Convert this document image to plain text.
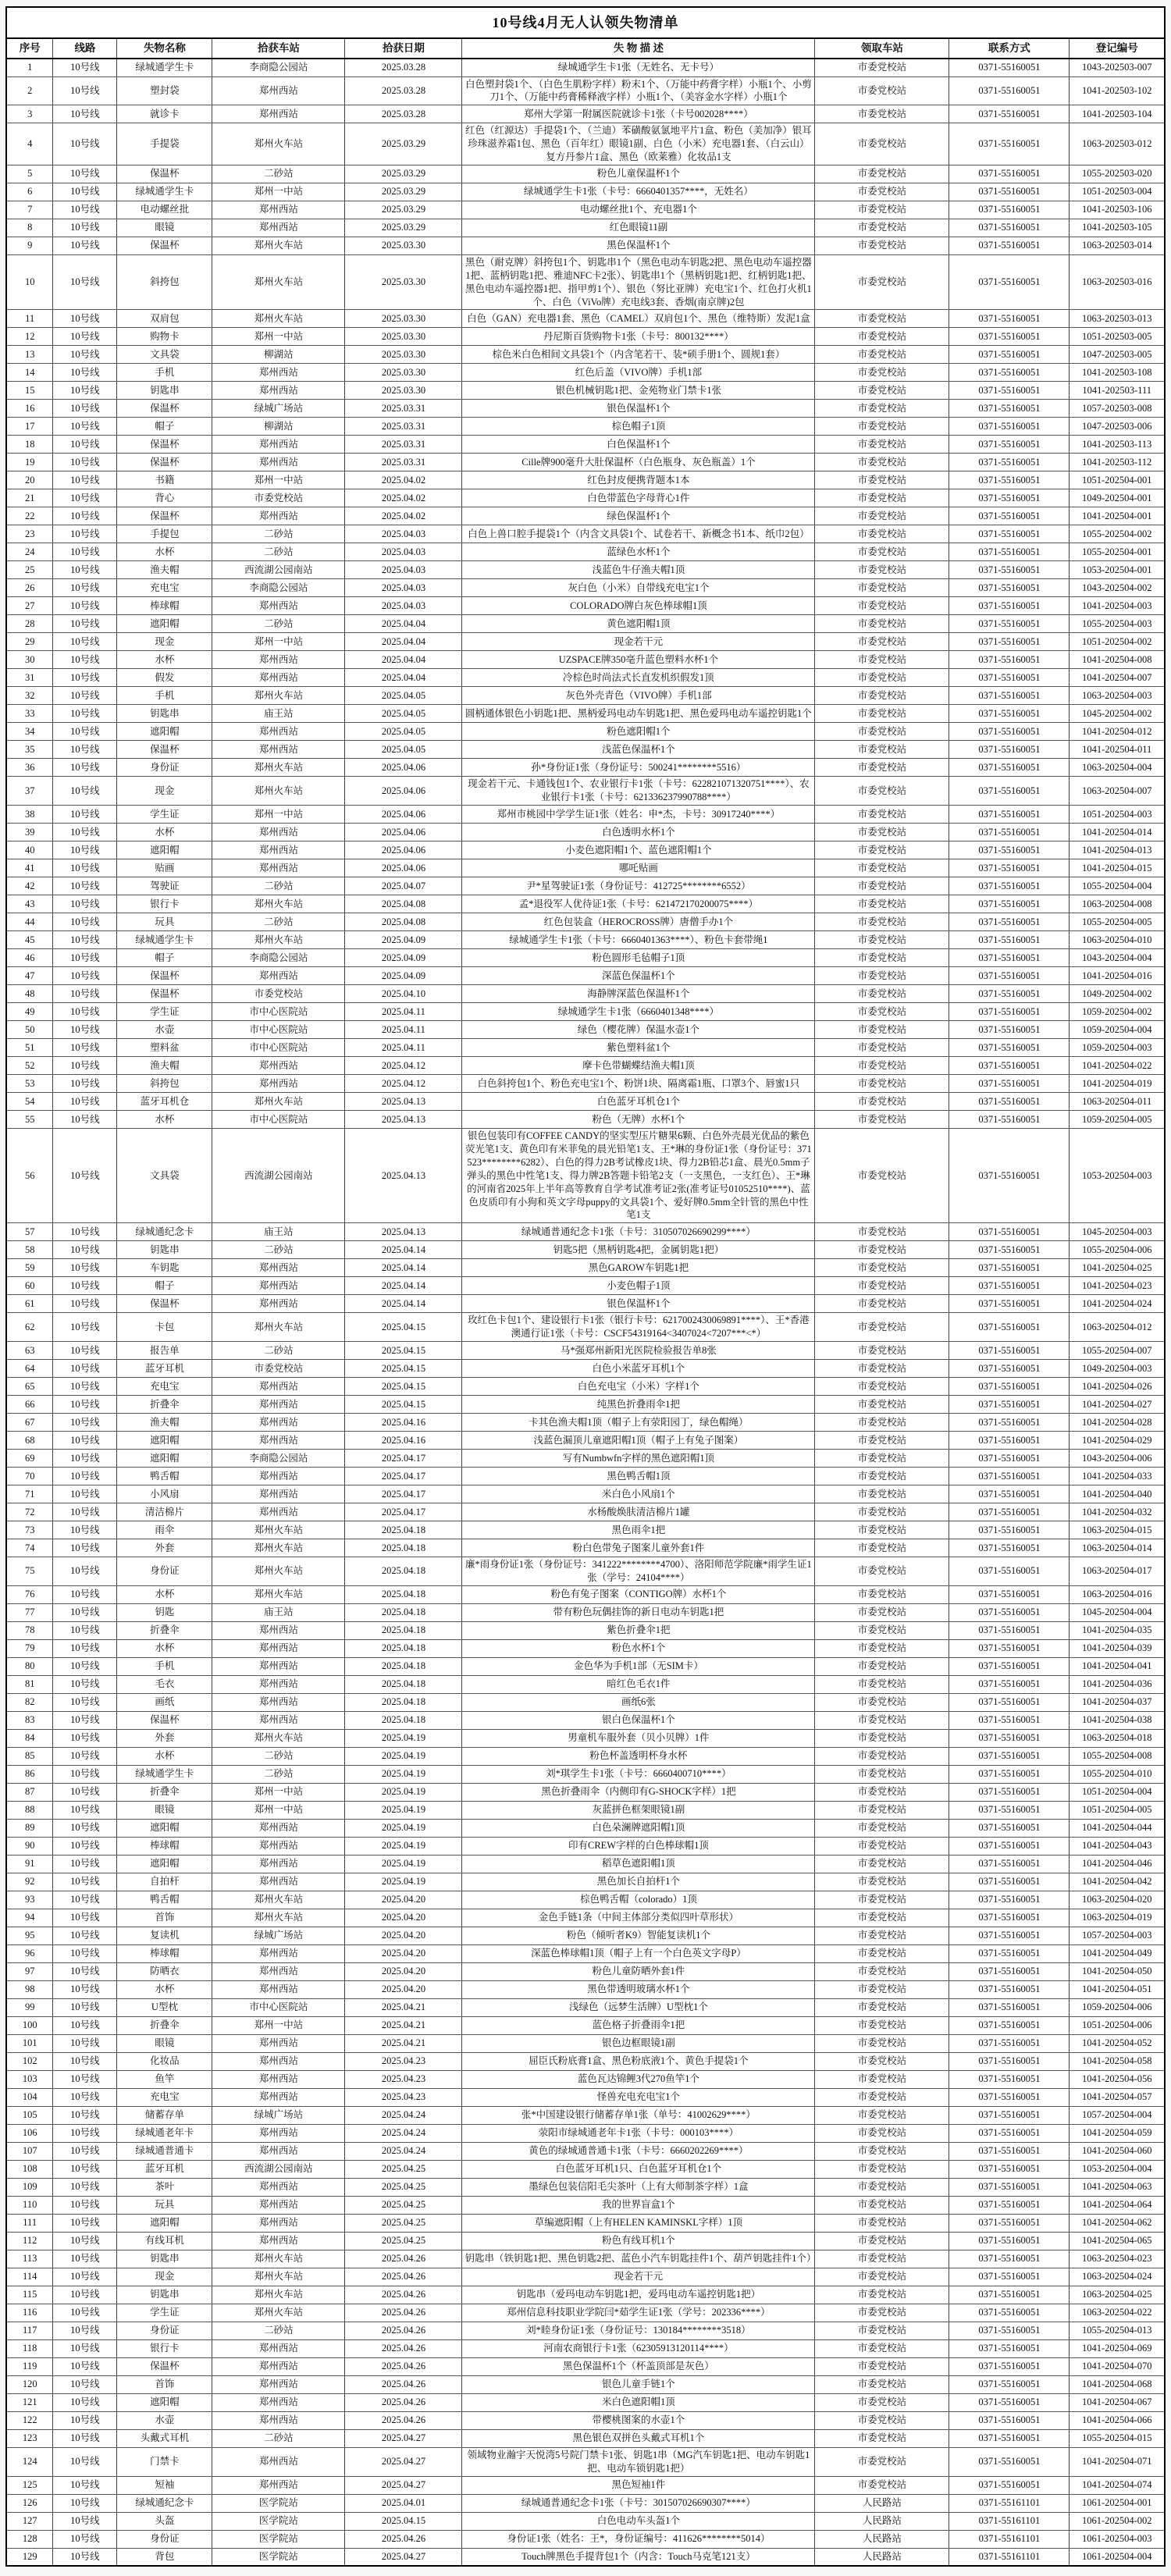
10号线4月无人认领失物清单								
序号	线路	失物名称	拾获车站	拾获日期	失 物 描 述	领取车站	联系方式	登记编号
1	10号线	绿城通学生卡	李商隐公园站	2025.03.28	绿城通学生卡1张（无姓名、无卡号）	市委党校站	0371-55160051	1043-202503-007
2	10号线	塑封袋	郑州西站	2025.03.28	白色塑封袋1个、（白色生肌粉字样）粉末1个、（万能中药膏字样）小瓶1个、小剪刀1个、（万能中药膏稀释液字样）小瓶1个、（美容金水字样）小瓶1个	市委党校站	0371-55160051	1041-202503-102
3	10号线	就诊卡	郑州西站	2025.03.28	郑州大学第一附属医院就诊卡1张（卡号002028****）	市委党校站	0371-55160051	1041-202503-104
4	10号线	手提袋	郑州火车站	2025.03.29	红色（红源达）手提袋1个、（兰迪）苯磺酸氨氯地平片1盒、粉色（美加净）银耳珍珠滋养霜1包、黑色（百年红）眼镜1副、白色（小米）充电器1套、（白云山）复方丹参片1盒、黑色（欧莱雅）化妆品1支	市委党校站	0371-55160051	1063-202503-012
5	10号线	保温杯	二砂站	2025.03.29	粉色儿童保温杯1个	市委党校站	0371-55160051	1055-202503-020
6	10号线	绿城通学生卡	郑州一中站	2025.03.29	绿城通学生卡1张（卡号：6660401357****，无姓名）	市委党校站	0371-55160051	1051-202503-004
7	10号线	电动螺丝批	郑州西站	2025.03.29	电动螺丝批1个、充电器1个	市委党校站	0371-55160051	1041-202503-106
8	10号线	眼镜	郑州西站	2025.03.29	红色眼镜11副	市委党校站	0371-55160051	1041-202503-105
9	10号线	保温杯	郑州火车站	2025.03.30	黑色保温杯1个	市委党校站	0371-55160051	1063-202503-014
10	10号线	斜挎包	郑州火车站	2025.03.30	黑色（耐克牌）斜挎包1个、钥匙串1个（黑色电动车钥匙2把、黑色电动车遥控器1把、蓝柄钥匙1把、雅迪NFC卡2张）、钥匙串1个（黑柄钥匙1把、红柄钥匙1把、黑色电动车遥控器1把、指甲剪1个）、银色（努比亚牌）充电宝1个、红色打火机1个、白色（ViVo牌）充电线3套、香烟(南京牌)2包	市委党校站	0371-55160051	1063-202503-016
11	10号线	双肩包	郑州火车站	2025.03.30	白色（GAN）充电器1套、黑色（CAMEL）双肩包1个、黑色（维特斯）发泥1盒	市委党校站	0371-55160051	1063-202503-013
12	10号线	购物卡	郑州一中站	2025.03.30	丹尼斯百货购物卡1张（卡号：800132****）	市委党校站	0371-55160051	1051-202503-005
13	10号线	文具袋	柳湖站	2025.03.30	棕色米白色相间文具袋1个（内含笔若干、装*硕手册1个、圆规1套）	市委党校站	0371-55160051	1047-202503-005
14	10号线	手机	郑州西站	2025.03.30	红色后盖（VIVO牌）手机1部	市委党校站	0371-55160051	1041-202503-108
15	10号线	钥匙串	郑州西站	2025.03.30	银色机械钥匙1把、金苑物业门禁卡1张	市委党校站	0371-55160051	1041-202503-111
16	10号线	保温杯	绿城广场站	2025.03.31	银色保温杯1个	市委党校站	0371-55160051	1057-202503-008
17	10号线	帽子	柳湖站	2025.03.31	棕色帽子1顶	市委党校站	0371-55160051	1047-202503-006
18	10号线	保温杯	郑州西站	2025.03.31	白色保温杯1个	市委党校站	0371-55160051	1041-202503-113
19	10号线	保温杯	郑州西站	2025.03.31	Cille牌900毫升大肚保温杯（白色瓶身、灰色瓶盖）1个	市委党校站	0371-55160051	1041-202503-112
20	10号线	书籍	郑州一中站	2025.04.02	红色封皮便携背题本1本	市委党校站	0371-55160051	1051-202504-001
21	10号线	背心	市委党校站	2025.04.02	白色带蓝色字母背心1件	市委党校站	0371-55160051	1049-202504-001
22	10号线	保温杯	郑州西站	2025.04.02	绿色保温杯1个	市委党校站	0371-55160051	1041-202504-001
23	10号线	手提包	二砂站	2025.04.03	白色上兽口腔手提袋1个（内含文具袋1个、试卷若干、新概念书1本、纸巾2包）	市委党校站	0371-55160051	1055-202504-002
24	10号线	水杯	二砂站	2025.04.03	蓝绿色水杯1个	市委党校站	0371-55160051	1055-202504-001
25	10号线	渔夫帽	西流湖公园南站	2025.04.03	浅蓝色牛仔渔夫帽1顶	市委党校站	0371-55160051	1053-202504-001
26	10号线	充电宝	李商隐公园站	2025.04.03	灰白色（小米）自带线充电宝1个	市委党校站	0371-55160051	1043-202504-002
27	10号线	棒球帽	郑州西站	2025.04.03	COLORADO牌白灰色棒球帽1顶	市委党校站	0371-55160051	1041-202504-003
28	10号线	遮阳帽	二砂站	2025.04.04	黄色遮阳帽1顶	市委党校站	0371-55160051	1055-202504-003
29	10号线	现金	郑州一中站	2025.04.04	现金若干元	市委党校站	0371-55160051	1051-202504-002
30	10号线	水杯	郑州西站	2025.04.04	UZSPACE牌350亳升蓝色塑料水杯1个	市委党校站	0371-55160051	1041-202504-008
31	10号线	假发	郑州西站	2025.04.04	冷棕色时尚法式长直发机织假发1顶	市委党校站	0371-55160051	1041-202504-007
32	10号线	手机	郑州火车站	2025.04.05	灰色外壳青色（VIVO牌）手机1部	市委党校站	0371-55160051	1063-202504-003
33	10号线	钥匙串	庙王站	2025.04.05	圆柄通体银色小钥匙1把、黑柄爱玛电动车钥匙1把、黑色爱玛电动车遥控钥匙1个	市委党校站	0371-55160051	1045-202504-002
34	10号线	遮阳帽	郑州西站	2025.04.05	粉色遮阳帽1个	市委党校站	0371-55160051	1041-202504-012
35	10号线	保温杯	郑州西站	2025.04.05	浅蓝色保温杯1个	市委党校站	0371-55160051	1041-202504-011
36	10号线	身份证	郑州火车站	2025.04.06	孙*身份证1张（身份证号：500241********5516）	市委党校站	0371-55160051	1063-202504-004
37	10号线	现金	郑州火车站	2025.04.06	现金若干元、卡通钱包1个、农业银行卡1张（卡号：622821071320751****）、农业银行卡1张（卡号：621336237990788****）	市委党校站	0371-55160051	1063-202504-007
38	10号线	学生证	郑州一中站	2025.04.06	郑州市桃园中学学生证1张（姓名：申*杰，卡号：30917240****）	市委党校站	0371-55160051	1051-202504-003
39	10号线	水杯	郑州西站	2025.04.06	白色透明水杯1个	市委党校站	0371-55160051	1041-202504-014
40	10号线	遮阳帽	郑州西站	2025.04.06	小麦色遮阳帽1个、蓝色遮阳帽1个	市委党校站	0371-55160051	1041-202504-013
41	10号线	贴画	郑州西站	2025.04.06	哪吒贴画	市委党校站	0371-55160051	1041-202504-015
42	10号线	驾驶证	二砂站	2025.04.07	尹*星驾驶证1张（身份证号：412725********6552）	市委党校站	0371-55160051	1055-202504-004
43	10号线	银行卡	郑州火车站	2025.04.08	孟*退役军人优待证1张（卡号：621472170200075****）	市委党校站	0371-55160051	1063-202504-008
44	10号线	玩具	二砂站	2025.04.08	红色包装盒（HEROCROSS牌）唐僧手办1个	市委党校站	0371-55160051	1055-202504-005
45	10号线	绿城通学生卡	郑州火车站	2025.04.09	绿城通学生卡1张（卡号：6660401363****）、粉色卡套带绳1	市委党校站	0371-55160051	1063-202504-010
46	10号线	帽子	李商隐公园站	2025.04.09	粉色圆形毛毡帽子1顶	市委党校站	0371-55160051	1043-202504-004
47	10号线	保温杯	郑州西站	2025.04.09	深蓝色保温杯1个	市委党校站	0371-55160051	1041-202504-016
48	10号线	保温杯	市委党校站	2025.04.10	海静牌深蓝色保温杯1个	市委党校站	0371-55160051	1049-202504-002
49	10号线	学生证	市中心医院站	2025.04.11	绿城通学生卡1张（6660401348****）	市委党校站	0371-55160051	1059-202504-002
50	10号线	水壶	市中心医院站	2025.04.11	绿色（樱花牌）保温水壶1个	市委党校站	0371-55160051	1059-202504-004
51	10号线	塑料盆	市中心医院站	2025.04.11	紫色塑料盆1个	市委党校站	0371-55160051	1059-202504-003
52	10号线	渔夫帽	郑州西站	2025.04.12	摩卡色带蝴蝶结渔夫帽1顶	市委党校站	0371-55160051	1041-202504-022
53	10号线	斜挎包	郑州西站	2025.04.12	白色斜挎包1个、粉色充电宝1个、粉饼1块、隔离霜1瓶、口罩3个、唇蜜1只	市委党校站	0371-55160051	1041-202504-019
54	10号线	蓝牙耳机仓	郑州火车站	2025.04.13	白色蓝牙耳机仓1个	市委党校站	0371-55160051	1063-202504-011
55	10号线	水杯	市中心医院站	2025.04.13	粉色（无牌）水杯1个	市委党校站	0371-55160051	1059-202504-005
56	10号线	文具袋	西流湖公园南站	2025.04.13	银色包装印有COFFEE CANDY的坚实型压片糖果6颗、白色外壳晨光优品的紫色荧光笔1支、黄色印有米菲兔的晨光铅笔1支、王*琳的身份证1张（身份证号：371523********6282）、白色的得力2B考试橡皮1块、得力2B铅芯1盒、晨光0.5mm子弹头的黑色中性笔1支、得力牌2B答题卡铅笔2支（一支黑色，一支红色）、王*琳的河南省2025年上半年高等教育自学考试准考证2张(准考证号01052510****)、蓝色皮质印有小狗和英文字母puppy的文具袋1个、爱好牌0.5mm全针管的黑色中性笔1支	市委党校站	0371-55160051	1053-202504-003
57	10号线	绿城通纪念卡	庙王站	2025.04.13	绿城通普通纪念卡1张（卡号：310507026690299****）	市委党校站	0371-55160051	1045-202504-003
58	10号线	钥匙串	二砂站	2025.04.14	钥匙5把（黑柄钥匙4把，金属钥匙1把）	市委党校站	0371-55160051	1055-202504-006
59	10号线	车钥匙	郑州西站	2025.04.14	黑色GAROW车钥匙1把	市委党校站	0371-55160051	1041-202504-025
60	10号线	帽子	郑州西站	2025.04.14	小麦色帽子1顶	市委党校站	0371-55160051	1041-202504-023
61	10号线	保温杯	郑州西站	2025.04.14	银色保温杯1个	市委党校站	0371-55160051	1041-202504-024
62	10号线	卡包	郑州火车站	2025.04.15	玫红色卡包1个、建设银行卡1张（银行卡号：6217002430069891****）、王*香港澳通行证1张（卡号：CSCF54319164<3407024<7207***<*）	市委党校站	0371-55160051	1063-202504-012
63	10号线	报告单	二砂站	2025.04.15	马*强郑州新阳光医院检验报告单8张	市委党校站	0371-55160051	1055-202504-007
64	10号线	蓝牙耳机	市委党校站	2025.04.15	白色小米蓝牙耳机1个	市委党校站	0371-55160051	1049-202504-003
65	10号线	充电宝	郑州西站	2025.04.15	白色充电宝（小米）字样1个	市委党校站	0371-55160051	1041-202504-026
66	10号线	折叠伞	郑州西站	2025.04.15	纯黑色折叠雨伞1把	市委党校站	0371-55160051	1041-202504-027
67	10号线	渔夫帽	郑州西站	2025.04.16	卡其色渔夫帽1顶（帽子上有荥阳园丁，绿色帽绳）	市委党校站	0371-55160051	1041-202504-028
68	10号线	遮阳帽	郑州西站	2025.04.16	浅蓝色漏顶儿童遮阳帽1顶（帽子上有兔子图案）	市委党校站	0371-55160051	1041-202504-029
69	10号线	遮阳帽	李商隐公园站	2025.04.17	写有Numbwfn字样的黑色遮阳帽1顶	市委党校站	0371-55160051	1043-202504-006
70	10号线	鸭舌帽	郑州西站	2025.04.17	黑色鸭舌帽1顶	市委党校站	0371-55160051	1041-202504-033
71	10号线	小风扇	郑州西站	2025.04.17	米白色小风扇1个	市委党校站	0371-55160051	1041-202504-040
72	10号线	清洁棉片	郑州西站	2025.04.17	水杨酸焕肤清洁棉片1罐	市委党校站	0371-55160051	1041-202504-032
73	10号线	雨伞	郑州火车站	2025.04.18	黑色雨伞1把	市委党校站	0371-55160051	1063-202504-015
74	10号线	外套	郑州火车站	2025.04.18	粉白色带兔子图案儿童外套1件	市委党校站	0371-55160051	1063-202504-014
75	10号线	身份证	郑州火车站	2025.04.18	廉*雨身份证1张（身份证号：341222********4700）、洛阳师范学院廉*雨学生证1张（学号：24104****）	市委党校站	0371-55160051	1063-202504-017
76	10号线	水杯	郑州火车站	2025.04.18	粉色有兔子图案（CONTIGO牌）水杯1个	市委党校站	0371-55160051	1063-202504-016
77	10号线	钥匙	庙王站	2025.04.18	带有粉色玩偶挂饰的新日电动车钥匙1把	市委党校站	0371-55160051	1045-202504-004
78	10号线	折叠伞	郑州西站	2025.04.18	紫色折叠伞1把	市委党校站	0371-55160051	1041-202504-035
79	10号线	水杯	郑州西站	2025.04.18	粉色水杯1个	市委党校站	0371-55160051	1041-202504-039
80	10号线	手机	郑州西站	2025.04.18	金色华为手机1部（无SIM卡）	市委党校站	0371-55160051	1041-202504-041
81	10号线	毛衣	郑州西站	2025.04.18	暗红色毛衣1件	市委党校站	0371-55160051	1041-202504-036
82	10号线	画纸	郑州西站	2025.04.18	画纸6张	市委党校站	0371-55160051	1041-202504-037
83	10号线	保温杯	郑州西站	2025.04.18	银白色保温杯1个	市委党校站	0371-55160051	1041-202504-038
84	10号线	外套	郑州火车站	2025.04.19	男童机车服外套（贝小贝牌）1件	市委党校站	0371-55160051	1063-202504-018
85	10号线	水杯	二砂站	2025.04.19	粉色杯盖透明杯身水杯	市委党校站	0371-55160051	1055-202504-008
86	10号线	绿城通学生卡	二砂站	2025.04.19	刘*琪学生卡1张（卡号：6660400710****）	市委党校站	0371-55160051	1055-202504-010
87	10号线	折叠伞	郑州一中站	2025.04.19	黑色折叠雨伞（内侧印有G-SHOCK字样）1把	市委党校站	0371-55160051	1051-202504-004
88	10号线	眼镜	郑州一中站	2025.04.19	灰蓝拼色框架眼镜1副	市委党校站	0371-55160051	1051-202504-005
89	10号线	遮阳帽	郑州西站	2025.04.19	白色朵澜牌遮阳帽1顶	市委党校站	0371-55160051	1041-202504-044
90	10号线	棒球帽	郑州西站	2025.04.19	印有CREW字样的白色棒球帽1顶	市委党校站	0371-55160051	1041-202504-043
91	10号线	遮阳帽	郑州西站	2025.04.19	稻草色遮阳帽1顶	市委党校站	0371-55160051	1041-202504-046
92	10号线	自拍杆	郑州西站	2025.04.19	黑色加长自拍杆1个	市委党校站	0371-55160051	1041-202504-042
93	10号线	鸭舌帽	郑州火车站	2025.04.20	棕色鸭舌帽（colorado）1顶	市委党校站	0371-55160051	1063-202504-020
94	10号线	首饰	郑州火车站	2025.04.20	金色手链1条（中间主体部分类似四叶草形状）	市委党校站	0371-55160051	1063-202504-019
95	10号线	复读机	绿城广场站	2025.04.20	粉色（倾听者K9）智能复读机1个	市委党校站	0371-55160051	1057-202504-003
96	10号线	棒球帽	郑州西站	2025.04.20	深蓝色棒球帽1顶（帽子上有一个白色英文字母P）	市委党校站	0371-55160051	1041-202504-049
97	10号线	防晒衣	郑州西站	2025.04.20	粉色儿童防晒外套1件	市委党校站	0371-55160051	1041-202504-050
98	10号线	水杯	郑州西站	2025.04.20	黑色带透明玻璃水杯1个	市委党校站	0371-55160051	1041-202504-051
99	10号线	U型枕	市中心医院站	2025.04.21	浅绿色（远梦生活牌）U型枕1个	市委党校站	0371-55160051	1059-202504-006
100	10号线	折叠伞	郑州一中站	2025.04.21	蓝色格子折叠雨伞1把	市委党校站	0371-55160051	1051-202504-006
101	10号线	眼镜	郑州西站	2025.04.21	银色边框眼镜1副	市委党校站	0371-55160051	1041-202504-052
102	10号线	化妆品	郑州西站	2025.04.23	屈臣氏粉底膏1盒、黑色粉底液1个、黄色手提袋1个	市委党校站	0371-55160051	1041-202504-058
103	10号线	鱼竿	郑州西站	2025.04.23	蓝色瓦达锦鲤3代270鱼竿1个	市委党校站	0371-55160051	1041-202504-056
104	10号线	充电宝	郑州西站	2025.04.23	怪兽充电充电宝1个	市委党校站	0371-55160051	1041-202504-057
105	10号线	储蓄存单	绿城广场站	2025.04.24	张*中国建设银行储蓄存单1张（单号：41002629****）	市委党校站	0371-55160051	1057-202504-004
106	10号线	绿城通老年卡	郑州西站	2025.04.24	荥阳市绿城通老年卡1张（卡号：000103****）	市委党校站	0371-55160051	1041-202504-059
107	10号线	绿城通普通卡	郑州西站	2025.04.24	黄色的绿城通普通卡1张（卡号：6660202269****）	市委党校站	0371-55160051	1041-202504-060
108	10号线	蓝牙耳机	西流湖公园南站	2025.04.25	白色蓝牙耳机1只、白色蓝牙耳机仓1个	市委党校站	0371-55160051	1053-202504-004
109	10号线	茶叶	郑州西站	2025.04.25	墨绿色包装信阳毛尖茶叶（上有大师制茶字样）1盒	市委党校站	0371-55160051	1041-202504-063
110	10号线	玩具	郑州西站	2025.04.25	我的世界盲盒1个	市委党校站	0371-55160051	1041-202504-064
111	10号线	遮阳帽	郑州西站	2025.04.25	草编遮阳帽（上有HELEN KAMINSKL字样）1顶	市委党校站	0371-55160051	1041-202504-062
112	10号线	有线耳机	郑州西站	2025.04.25	粉色有线耳机1个	市委党校站	0371-55160051	1041-202504-065
113	10号线	钥匙串	郑州火车站	2025.04.26	钥匙串（铁钥匙1把、黑色钥匙2把、蓝色小汽车钥匙挂件1个、葫芦钥匙挂件1个）	市委党校站	0371-55160051	1063-202504-023
114	10号线	现金	郑州火车站	2025.04.26	现金若干元	市委党校站	0371-55160051	1063-202504-024
115	10号线	钥匙串	郑州火车站	2025.04.26	钥匙串（爱玛电动车钥匙1把，爱玛电动车遥控钥匙1把）	市委党校站	0371-55160051	1063-202504-025
116	10号线	学生证	郑州火车站	2025.04.26	郑州信息科技职业学院闫*茹学生证1张（学号：202336****）	市委党校站	0371-55160051	1063-202504-022
117	10号线	身份证	二砂站	2025.04.26	刘*睦身份证1张（身份证号：130184********3518）	市委党校站	0371-55160051	1055-202504-013
118	10号线	银行卡	郑州西站	2025.04.26	河南农商银行卡1张（62305913120114****）	市委党校站	0371-55160051	1041-202504-069
119	10号线	保温杯	郑州西站	2025.04.26	黑色保温杯1个（杯盖顶部是灰色）	市委党校站	0371-55160051	1041-202504-070
120	10号线	首饰	郑州西站	2025.04.26	银色儿童手链1个	市委党校站	0371-55160051	1041-202504-068
121	10号线	遮阳帽	郑州西站	2025.04.26	米白色遮阳帽1顶	市委党校站	0371-55160051	1041-202504-067
122	10号线	水壶	郑州西站	2025.04.26	带樱桃图案的水壶1个	市委党校站	0371-55160051	1041-202504-066
123	10号线	头戴式耳机	二砂站	2025.04.27	黑色银色双拼色头戴式耳机1个	市委党校站	0371-55160051	1055-202504-015
124	10号线	门禁卡	郑州西站	2025.04.27	领域物业瀚宇天悦湾5号院门禁卡1张、钥匙1串（MG汽车钥匙1把、电动车钥匙1把、电动车锁钥匙1把）	市委党校站	0371-55160051	1041-202504-071
125	10号线	短袖	郑州西站	2025.04.27	黑色短袖1件	市委党校站	0371-55160051	1041-202504-074
126	10号线	绿城通纪念卡	医学院站	2025.04.01	绿城通普通纪念卡1张（卡号：301507026690307****）	人民路站	0371-55161101	1061-202504-001
127	10号线	头盔	医学院站	2025.04.15	白色电动车头盔1个	人民路站	0371-55161101	1061-202504-002
128	10号线	身份证	医学院站	2025.04.26	身份证1张（姓名：王*，身份证编号：411626********5014）	人民路站	0371-55161101	1061-202504-003
129	10号线	背包	医学院站	2025.04.27	Touch牌黑色手提背包1个（内含：Touch马克笔121支）	人民路站	0371-55161101	1061-202504-004
